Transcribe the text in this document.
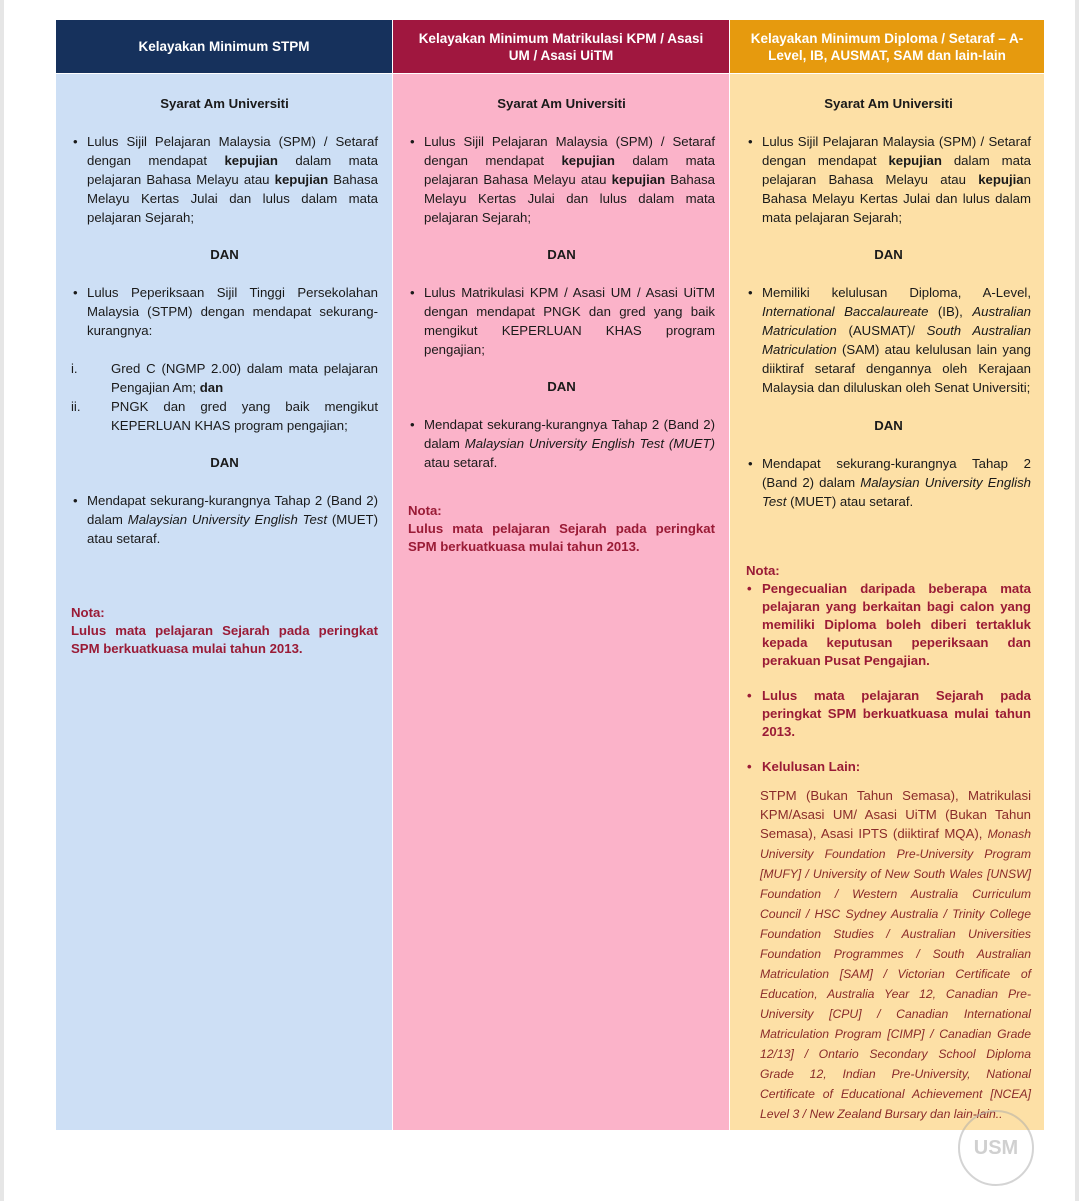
Kelayakan Minimum STPM
Kelayakan Minimum Matrikulasi KPM / Asasi UM / Asasi UiTM
Kelayakan Minimum Diploma / Setaraf – A-Level, IB, AUSMAT, SAM dan lain-lain
Syarat Am Universiti
• Lulus Sijil Pelajaran Malaysia (SPM) / Setaraf dengan mendapat kepujian dalam mata pelajaran Bahasa Melayu atau kepujian Bahasa Melayu Kertas Julai dan lulus dalam mata pelajaran Sejarah;
DAN
• Lulus Peperiksaan Sijil Tinggi Persekolahan Malaysia (STPM) dengan mendapat sekurang-kurangnya:
i.	Gred C (NGMP 2.00) dalam mata pelajaran Pengajian Am; dan
ii.	PNGK dan gred yang baik mengikut KEPERLUAN KHAS program pengajian;
DAN
• Mendapat sekurang-kurangnya Tahap 2 (Band 2) dalam Malaysian University English Test (MUET) atau setaraf.
Nota:
Lulus mata pelajaran Sejarah pada peringkat SPM berkuatkuasa mulai tahun 2013.
Syarat Am Universiti
• Lulus Sijil Pelajaran Malaysia (SPM) / Setaraf dengan mendapat kepujian dalam mata pelajaran Bahasa Melayu atau kepujian Bahasa Melayu Kertas Julai dan lulus dalam mata pelajaran Sejarah;
DAN
• Lulus Matrikulasi KPM / Asasi UM / Asasi UiTM dengan mendapat PNGK dan gred yang baik mengikut KEPERLUAN KHAS program pengajian;
DAN
• Mendapat sekurang-kurangnya Tahap 2 (Band 2) dalam Malaysian University English Test (MUET) atau setaraf.
Nota:
Lulus mata pelajaran Sejarah pada peringkat SPM berkuatkuasa mulai tahun 2013.
Syarat Am Universiti
• Lulus Sijil Pelajaran Malaysia (SPM) / Setaraf dengan mendapat kepujian dalam mata pelajaran Bahasa Melayu atau kepujian Bahasa Melayu Kertas Julai dan lulus dalam mata pelajaran Sejarah;
DAN
• Memiliki kelulusan Diploma, A-Level, International Baccalaureate (IB), Australian Matriculation (AUSMAT)/ South Australian Matriculation (SAM) atau kelulusan lain yang diiktiraf setaraf dengannya oleh Kerajaan Malaysia dan diluluskan oleh Senat Universiti;
DAN
• Mendapat sekurang-kurangnya Tahap 2 (Band 2) dalam Malaysian University English Test (MUET) atau setaraf.
Nota:
• Pengecualian daripada beberapa mata pelajaran yang berkaitan bagi calon yang memiliki Diploma boleh diberi tertakluk kepada keputusan peperiksaan dan perakuan Pusat Pengajian.
• Lulus mata pelajaran Sejarah pada peringkat SPM berkuatkuasa mulai tahun 2013.
• Kelulusan Lain:
STPM (Bukan Tahun Semasa), Matrikulasi KPM/Asasi UM/ Asasi UiTM (Bukan Tahun Semasa), Asasi IPTS (diiktiraf MQA), Monash University Foundation Pre-University Program [MUFY] / University of New South Wales [UNSW] Foundation / Western Australia Curriculum Council / HSC Sydney Australia / Trinity College Foundation Studies / Australian Universities Foundation Programmes / South Australian Matriculation [SAM] / Victorian Certificate of Education, Australia Year 12, Canadian Pre-University [CPU] / Canadian International Matriculation Program [CIMP] / Canadian Grade 12/13] / Ontario Secondary School Diploma Grade 12, Indian Pre-University, National Certificate of Educational Achievement [NCEA] Level 3 / New Zealand Bursary dan lain-lain..
USM
